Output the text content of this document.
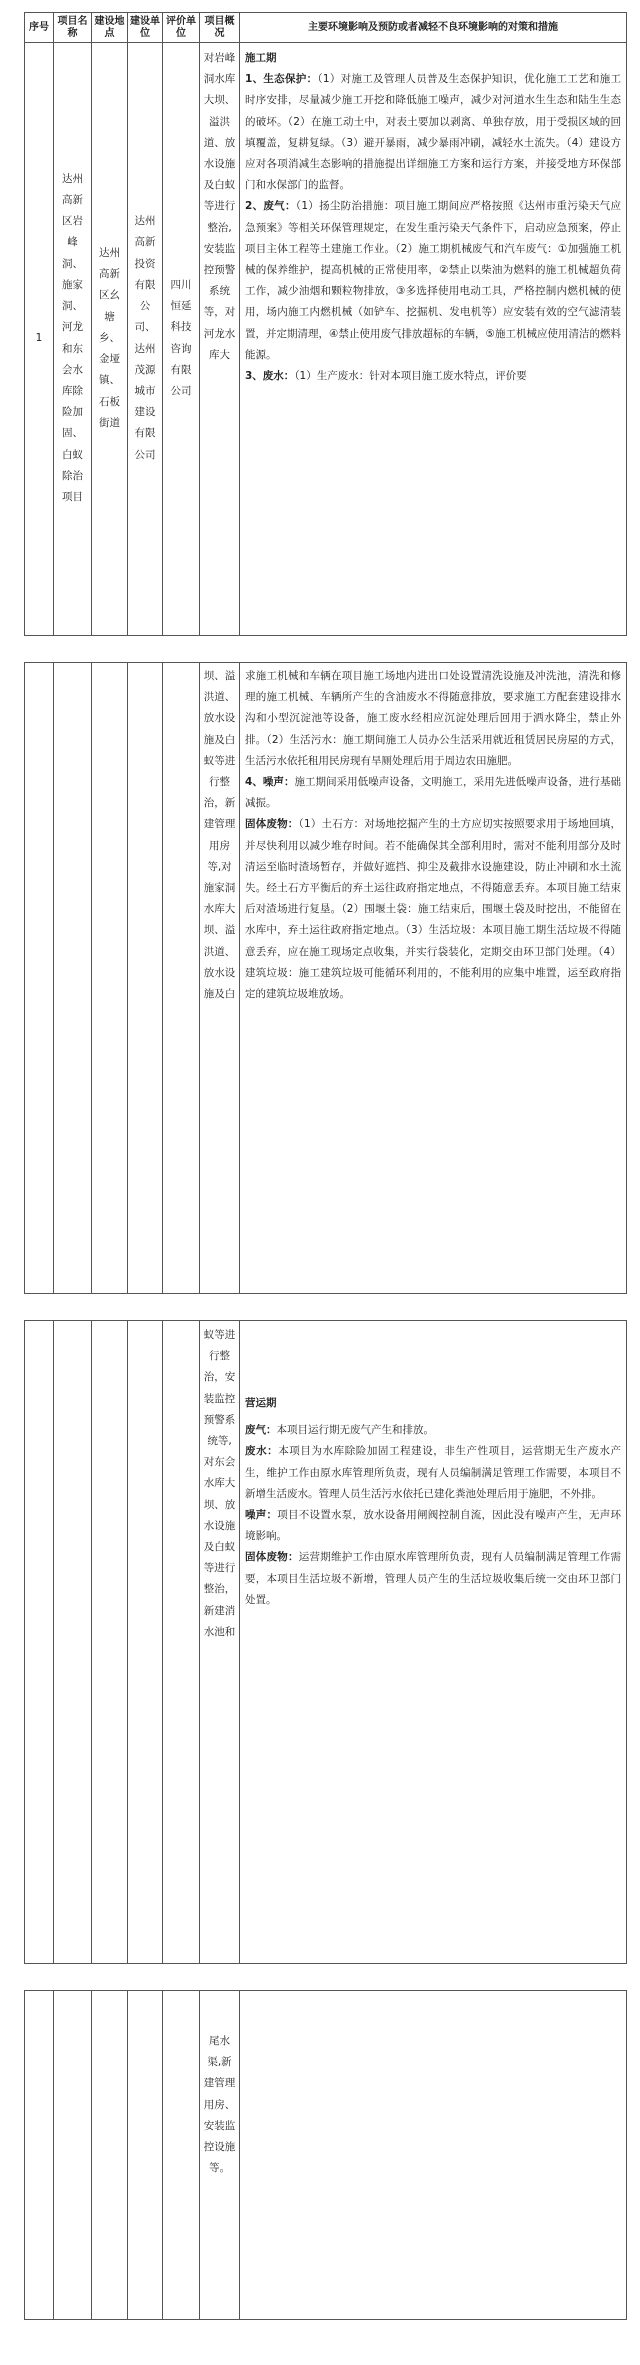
序号
项目名称
建设地点
建设单位
评价单位
项目概况
主要环境影响及预防或者减轻不良环境影响的对策和措施
1
达州高新区岩峰洞、施家洞、河龙和东会水库除险加固、白蚁除治项目
达州高新区幺塘乡、金垭镇、石板街道
达州高新投资有限公司、达州茂源城市建设有限公司
四川恒延科技咨询有限公司
对岩峰洞水库大坝、溢洪道、放水设施及白蚁等进行整治,安装监控预警系统等，对河龙水库大

施工期

1、生态保护：（1）对施工及管理人员普及生态保护知识，优化施工工艺和施工时序安排，尽量减少施工开挖和降低施工噪声，减少对河道水生生态和陆生生态的破坏。（2）在施工动土中，对表土要加以剥离、单独存放，用于受损区域的回填覆盖，复耕复绿。（3）避开暴雨，减少暴雨冲刷，减轻水土流失。（4）建设方应对各项消减生态影响的措施提出详细施工方案和运行方案，并接受地方环保部门和水保部门的监督。

2、废气：（1）扬尘防治措施：项目施工期间应严格按照《达州市重污染天气应急预案》等相关环保管理规定，在发生重污染天气条件下，启动应急预案，停止项目主体工程等土建施工作业。（2）施工期机械废气和汽车废气：①加强施工机械的保养维护，提高机械的正常使用率，②禁止以柴油为燃料的施工机械超负荷工作，减少油烟和颗粒物排放，③多选择使用电动工具，严格控制内燃机械的使用，场内施工内燃机械（如铲车、挖掘机、发电机等）应安装有效的空气滤清装置，并定期清理，④禁止使用废气排放超标的车辆，⑤施工机械应使用清洁的燃料能源。

3、废水：（1）生产废水：针对本项目施工废水特点，评价要

坝、溢洪道、放水设施及白蚁等进行整治，新建管理用房等,对施家洞水库大坝、溢洪道、放水设施及白

求施工机械和车辆在项目施工场地内进出口处设置清洗设施及冲洗池，清洗和修理的施工机械、车辆所产生的含油废水不得随意排放，要求施工方配套建设排水沟和小型沉淀池等设备，施工废水经相应沉淀处理后回用于洒水降尘，禁止外排。（2）生活污水：施工期间施工人员办公生活采用就近租赁居民房屋的方式，生活污水依托租用民房现有旱厕处理后用于周边农田施肥。

4、噪声：施工期间采用低噪声设备，文明施工，采用先进低噪声设备，进行基础减振。

固体废物：（1）土石方：对场地挖掘产生的土方应切实按照要求用于场地回填，并尽快利用以减少堆存时间。若不能确保其全部利用时，需对不能利用部分及时清运至临时渣场暂存，并做好遮挡、抑尘及截排水设施建设，防止冲刷和水土流失。经土石方平衡后的弃土运往政府指定地点，不得随意丢弃。本项目施工结束后对渣场进行复垦。（2）围堰土袋：施工结束后，围堰土袋及时挖出，不能留在水库中，弃土运往政府指定地点。（3）生活垃圾：本项目施工期生活垃圾不得随意丢弃，应在施工现场定点收集，并实行袋装化，定期交由环卫部门处理。（4）建筑垃圾：施工建筑垃圾可能循环利用的，不能利用的应集中堆置，运至政府指定的建筑垃圾堆放场。

蚁等进行整治，安装监控预警系统等,对东会水库大坝、放水设施及白蚁等进行整治，新建消水池和

营运期

废气：本项目运行期无废气产生和排放。

废水：本项目为水库除险加固工程建设，非生产性项目，运营期无生产废水产生，维护工作由原水库管理所负责，现有人员编制满足管理工作需要，本项目不新增生活废水。管理人员生活污水依托已建化粪池处理后用于施肥，不外排。

噪声：项目不设置水泵，放水设备用闸阀控制自流，因此没有噪声产生，无声环境影响。

固体废物：运营期维护工作由原水库管理所负责，现有人员编制满足管理工作需要，本项目生活垃圾不新增，管理人员产生的生活垃圾收集后统一交由环卫部门处置。

尾水渠,新建管理用房、安装监控设施等。
